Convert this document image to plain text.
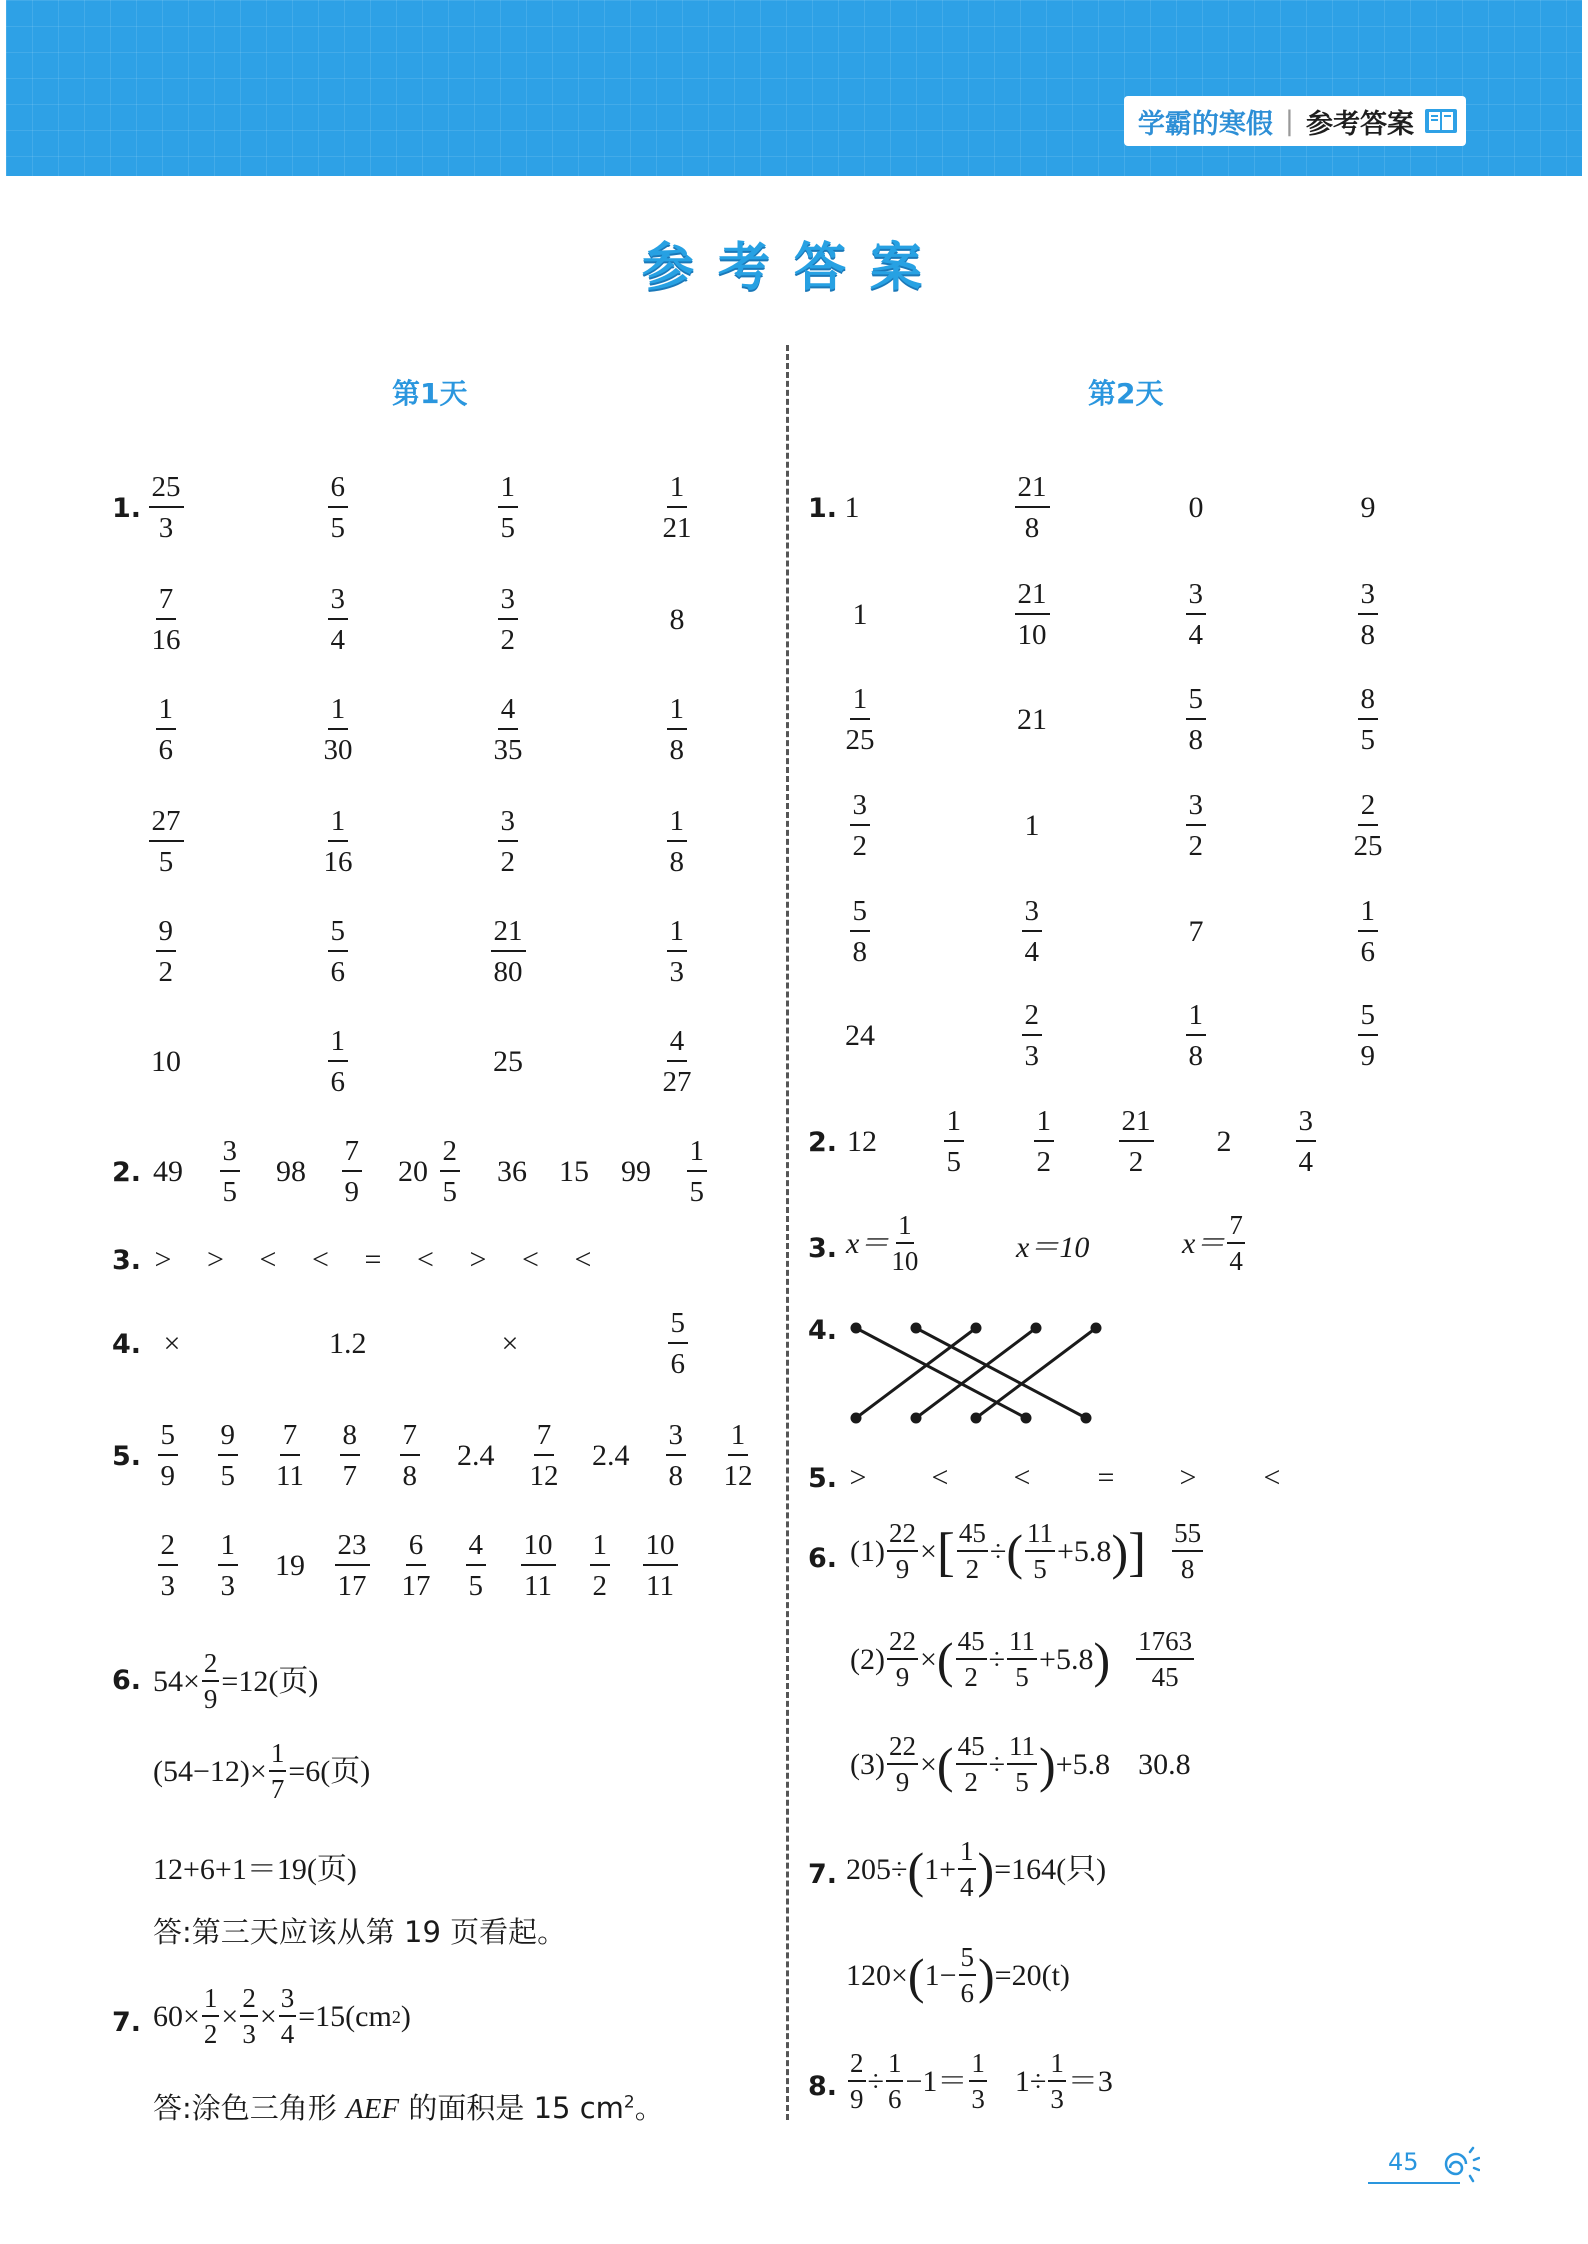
学霸的寒假 | 参考答案
参考答案
第1天	第2天
1. $\frac{25}{3}$	$\frac{6}{5}$	$\frac{1}{5}$	$\frac{1}{21}$
$\frac{7}{16}$	$\frac{3}{4}$	$\frac{3}{2}$	8
$\frac{1}{6}$	$\frac{1}{30}$	$\frac{4}{35}$	$\frac{1}{8}$
$\frac{27}{5}$	$\frac{1}{16}$	$\frac{3}{2}$	$\frac{1}{8}$
$\frac{9}{2}$	$\frac{5}{6}$	$\frac{21}{80}$	$\frac{1}{3}$
10	$\frac{1}{6}$	25	$\frac{4}{27}$
2. $49 \frac{3}{5} 98 \frac{7}{9} 20 \frac{2}{5} 36$ 15 $99 \frac{1}{5}$
3. > > < < = < > < <
4. ×	1.2	×	$\frac{5}{6}$
5. $\frac{5}{9} \frac{9}{5} \frac{7}{11} \frac{8}{7} \frac{7}{8} 2.4 \frac{7}{12} 2.4 \frac{3}{8} \frac{1}{12}$
$\frac{2}{3} \frac{1}{3} 19 \frac{23}{17} \frac{6}{17} \frac{4}{5} \frac{10}{11} \frac{1}{2} \frac{10}{11}$
6.
7.
1. 1	$\frac{21}{8}$	0	9
1	$\frac{21}{10}$	$\frac{3}{4}$	$\frac{3}{8}$
$\frac{1}{25}$	21	$\frac{5}{8}$	$\frac{8}{5}$
$\frac{3}{2}$	1	$\frac{3}{2}$	$\frac{2}{25}$
$\frac{5}{8}$	$\frac{3}{4}$	7	$\frac{1}{6}$
24	$\frac{2}{3}$	$\frac{1}{8}$	$\frac{5}{9}$
2. $12 \frac{1}{5} \frac{1}{2} \frac{21}{2} 2 \frac{3}{4}$
3.
4.
6.
7.
8.
5. > < < = > <
$54\times \frac{2}{9} =12$(页)
$(54-12)\times \frac{1}{7} =6$(页)
12+6+1＝19(页)
答:第三天应该从第 19 页看起。
$60\times \frac{1}{2} \times \frac{2}{3} \times \frac{3}{4} =15(cm$ 2 )
答:涂色三角形 AEF 的面积是 15 $cm^2$。
$x= \frac{1}{10}$	x＝10	$x= \frac{7}{4}$
$(1) \frac{22}{9}$ × [ $\frac{45}{2}$ ÷ ( $\frac{11}{5} +5.8$ ) ] $\frac{55}{8}$
$(2) \frac{22}{9}$ × ( $\frac{45}{2} \div \frac{11}{5} +5.8$ ) $\frac{1763}{45}$
$(3) \frac{22}{9}$ × ( $\frac{45}{2} \div \frac{11}{5}$ ) +5.8 30.8
205÷ ( $1+ \frac{1}{4}$ ) =164(只)
120× ( $1- \frac{5}{6}$ ) =20(t)
$\frac{2}{9} \div \frac{1}{6} -1= \frac{1}{3} 1\div \frac{1}{3} =3$
45
